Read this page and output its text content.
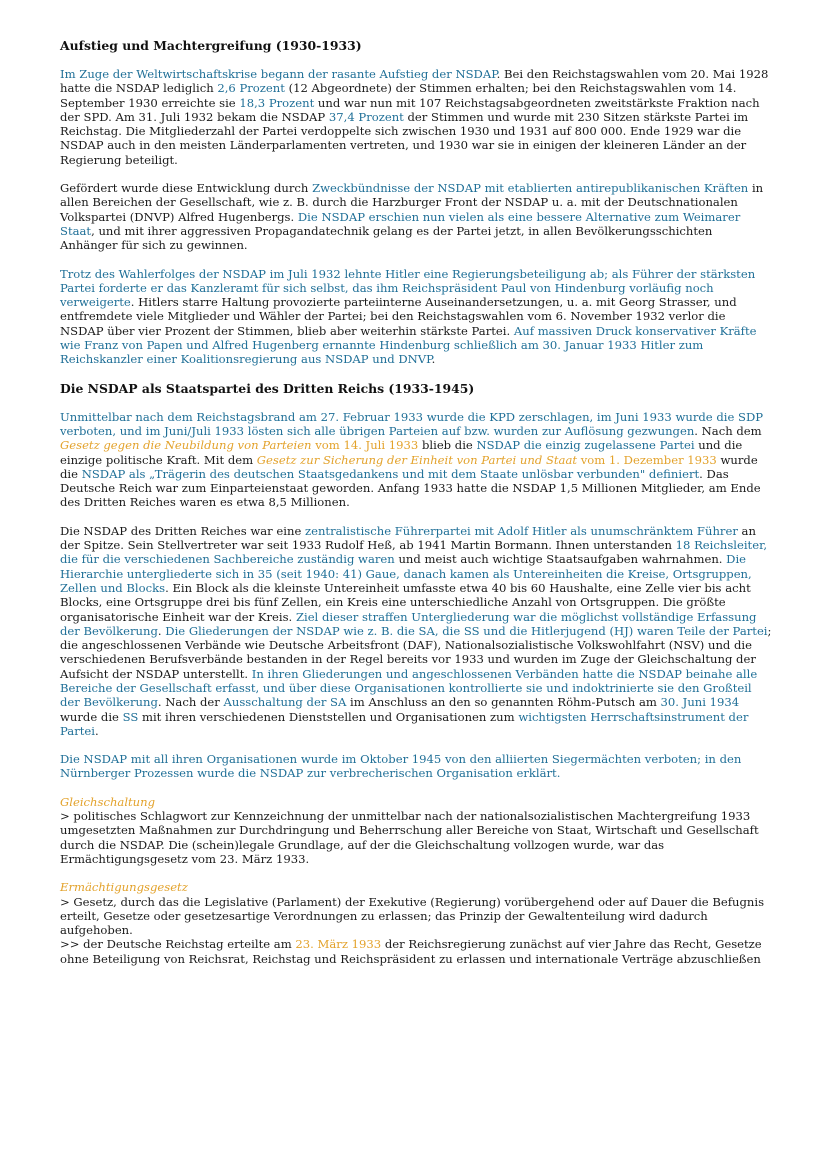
Aufstieg und Machtergreifung (1930-1933)

Im Zuge der Weltwirtschaftskrise begann der rasante Aufstieg der NSDAP. Bei den Reichstagswahlen vom 20. Mai 1928 hatte die NSDAP lediglich 2,6 Prozent (12 Abgeordnete) der Stimmen erhalten; bei den Reichstagswahlen vom 14. September 1930 erreichte sie 18,3 Prozent und war nun mit 107 Reichstagsabgeordneten zweitstärkste Fraktion nach der SPD. Am 31. Juli 1932 bekam die NSDAP 37,4 Prozent der Stimmen und wurde mit 230 Sitzen stärkste Partei im Reichstag. Die Mitgliederzahl der Partei verdoppelte sich zwischen 1930 und 1931 auf 800 000. Ende 1929 war die NSDAP auch in den meisten Länderparlamenten vertreten, und 1930 war sie in einigen der kleineren Länder an der Regierung beteiligt.

Gefördert wurde diese Entwicklung durch Zweckbündnisse der NSDAP mit etablierten antirepublikanischen Kräften in allen Bereichen der Gesellschaft, wie z. B. durch die Harzburger Front der NSDAP u. a. mit der Deutschnationalen Volkspartei (DNVP) Alfred Hugenbergs. Die NSDAP erschien nun vielen als eine bessere Alternative zum Weimarer Staat, und mit ihrer aggressiven Propagandatechnik gelang es der Partei jetzt, in allen Bevölkerungsschichten Anhänger für sich zu gewinnen.

Trotz des Wahlerfolges der NSDAP im Juli 1932 lehnte Hitler eine Regierungsbeteiligung ab; als Führer der stärksten Partei forderte er das Kanzleramt für sich selbst, das ihm Reichspräsident Paul von Hindenburg vorläufig noch verweigerte. Hitlers starre Haltung provozierte parteiinterne Auseinandersetzungen, u. a. mit Georg Strasser, und entfremdete viele Mitglieder und Wähler der Partei; bei den Reichstagswahlen vom 6. November 1932 verlor die NSDAP über vier Prozent der Stimmen, blieb aber weiterhin stärkste Partei. Auf massiven Druck konservativer Kräfte wie Franz von Papen und Alfred Hugenberg ernannte Hindenburg schließlich am 30. Januar 1933 Hitler zum Reichskanzler einer Koalitionsregierung aus NSDAP und DNVP.

Die NSDAP als Staatspartei des Dritten Reichs (1933-1945)

Unmittelbar nach dem Reichstagsbrand am 27. Februar 1933 wurde die KPD zerschlagen, im Juni 1933 wurde die SDP verboten, und im Juni/Juli 1933 lösten sich alle übrigen Parteien auf bzw. wurden zur Auflösung gezwungen. Nach dem Gesetz gegen die Neubildung von Parteien vom 14. Juli 1933 blieb die NSDAP die einzig zugelassene Partei und die einzige politische Kraft. Mit dem Gesetz zur Sicherung der Einheit von Partei und Staat vom 1. Dezember 1933 wurde die NSDAP als „Trägerin des deutschen Staatsgedankens und mit dem Staate unlösbar verbunden" definiert. Das Deutsche Reich war zum Einparteienstaat geworden. Anfang 1933 hatte die NSDAP 1,5 Millionen Mitglieder, am Ende des Dritten Reiches waren es etwa 8,5 Millionen.

Die NSDAP des Dritten Reiches war eine zentralistische Führerpartei mit Adolf Hitler als unumschränktem Führer an der Spitze. Sein Stellvertreter war seit 1933 Rudolf Heß, ab 1941 Martin Bormann. Ihnen unterstanden 18 Reichsleiter, die für die verschiedenen Sachbereiche zuständig waren und meist auch wichtige Staatsaufgaben wahrnahmen. Die Hierarchie untergliederte sich in 35 (seit 1940: 41) Gaue, danach kamen als Untereinheiten die Kreise, Ortsgruppen, Zellen und Blocks. Ein Block als die kleinste Untereinheit umfasste etwa 40 bis 60 Haushalte, eine Zelle vier bis acht Blocks, eine Ortsgruppe drei bis fünf Zellen, ein Kreis eine unterschiedliche Anzahl von Ortsgruppen. Die größte organisatorische Einheit war der Kreis. Ziel dieser straffen Untergliederung war die möglichst vollständige Erfassung der Bevölkerung. Die Gliederungen der NSDAP wie z. B. die SA, die SS und die Hitlerjugend (HJ) waren Teile der Partei; die angeschlossenen Verbände wie Deutsche Arbeitsfront (DAF), Nationalsozialistische Volkswohlfahrt (NSV) und die verschiedenen Berufsverbände bestanden in der Regel bereits vor 1933 und wurden im Zuge der Gleichschaltung der Aufsicht der NSDAP unterstellt. In ihren Gliederungen und angeschlossenen Verbänden hatte die NSDAP beinahe alle Bereiche der Gesellschaft erfasst, und über diese Organisationen kontrollierte sie und indoktrinierte sie den Großteil der Bevölkerung. Nach der Ausschaltung der SA im Anschluss an den so genannten Röhm-Putsch am 30. Juni 1934 wurde die SS mit ihren verschiedenen Dienststellen und Organisationen zum wichtigsten Herrschaftsinstrument der Partei.

Die NSDAP mit all ihren Organisationen wurde im Oktober 1945 von den alliierten Siegermächten verboten; in den Nürnberger Prozessen wurde die NSDAP zur verbrecherischen Organisation erklärt.

Gleichschaltung

> politisches Schlagwort zur Kennzeichnung der unmittelbar nach der nationalsozialistischen Machtergreifung 1933 umgesetzten Maßnahmen zur Durchdringung und Beherrschung aller Bereiche von Staat, Wirtschaft und Gesellschaft durch die NSDAP. Die (schein)legale Grundlage, auf der die Gleichschaltung vollzogen wurde, war das Ermächtigungsgesetz vom 23. März 1933.

Ermächtigungsgesetz

> Gesetz, durch das die Legislative (Parlament) der Exekutive (Regierung) vorübergehend oder auf Dauer die Befugnis erteilt, Gesetze oder gesetzesartige Verordnungen zu erlassen; das Prinzip der Gewaltenteilung wird dadurch aufgehoben.

>> der Deutsche Reichstag erteilte am 23. März 1933 der Reichsregierung zunächst auf vier Jahre das Recht, Gesetze ohne Beteiligung von Reichsrat, Reichstag und Reichspräsident zu erlassen und internationale Verträge abzuschließen
